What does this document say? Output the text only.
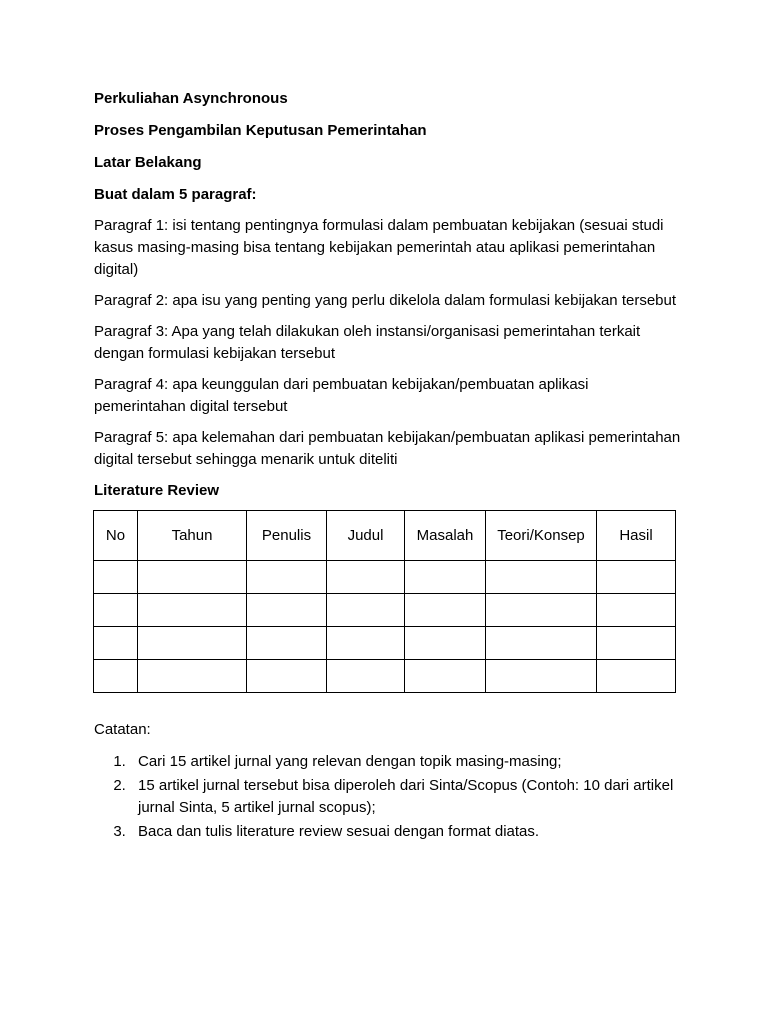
Perkuliahan Asynchronous

Proses Pengambilan Keputusan Pemerintahan

Latar Belakang

Buat dalam 5 paragraf:

Paragraf 1: isi tentang pentingnya formulasi dalam pembuatan kebijakan (sesuai studi kasus masing-masing bisa tentang kebijakan pemerintah atau aplikasi pemerintahan digital)

Paragraf 2: apa isu yang penting yang perlu dikelola dalam formulasi kebijakan tersebut

Paragraf 3: Apa yang telah dilakukan oleh instansi/organisasi pemerintahan terkait dengan formulasi kebijakan tersebut

Paragraf 4: apa keunggulan dari pembuatan kebijakan/pembuatan aplikasi pemerintahan digital tersebut

Paragraf 5: apa kelemahan dari pembuatan kebijakan/pembuatan aplikasi pemerintahan digital tersebut sehingga menarik untuk diteliti

Literature Review

No	Tahun	Penulis	Judul	Masalah	Teori/Konsep	Hasil

Catatan:

1. Cari 15 artikel jurnal yang relevan dengan topik masing-masing;
2. 15 artikel jurnal tersebut bisa diperoleh dari Sinta/Scopus (Contoh: 10 dari artikel jurnal Sinta, 5 artikel jurnal scopus);
3. Baca dan tulis literature review sesuai dengan format diatas.
